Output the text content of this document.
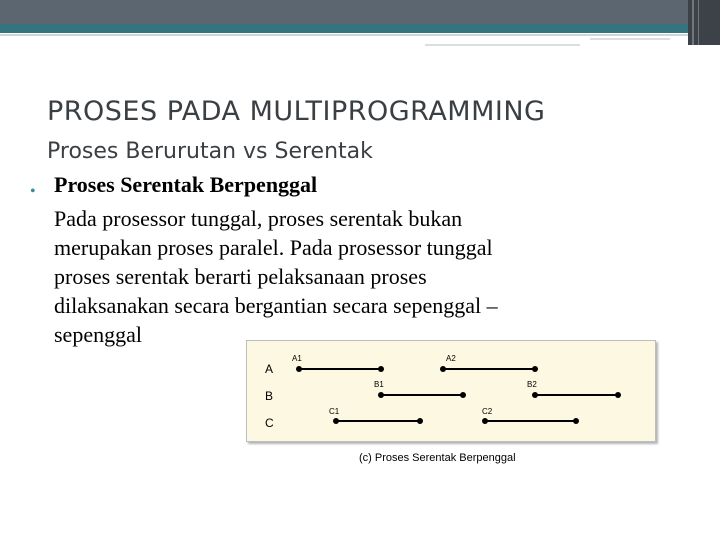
PROSES PADA MULTIPROGRAMMING
Proses Berurutan vs Serentak
• Proses Serentak Berpenggal
Pada prosessor tunggal, proses serentak bukan
merupakan proses paralel. Pada prosessor tunggal
proses serentak berarti pelaksanaan proses
dilaksanakan secara bergantian secara sepenggal –
sepenggal
A
B
C
A1	A2
B1	B2
C1	C2
(c) Proses Serentak Berpenggal
